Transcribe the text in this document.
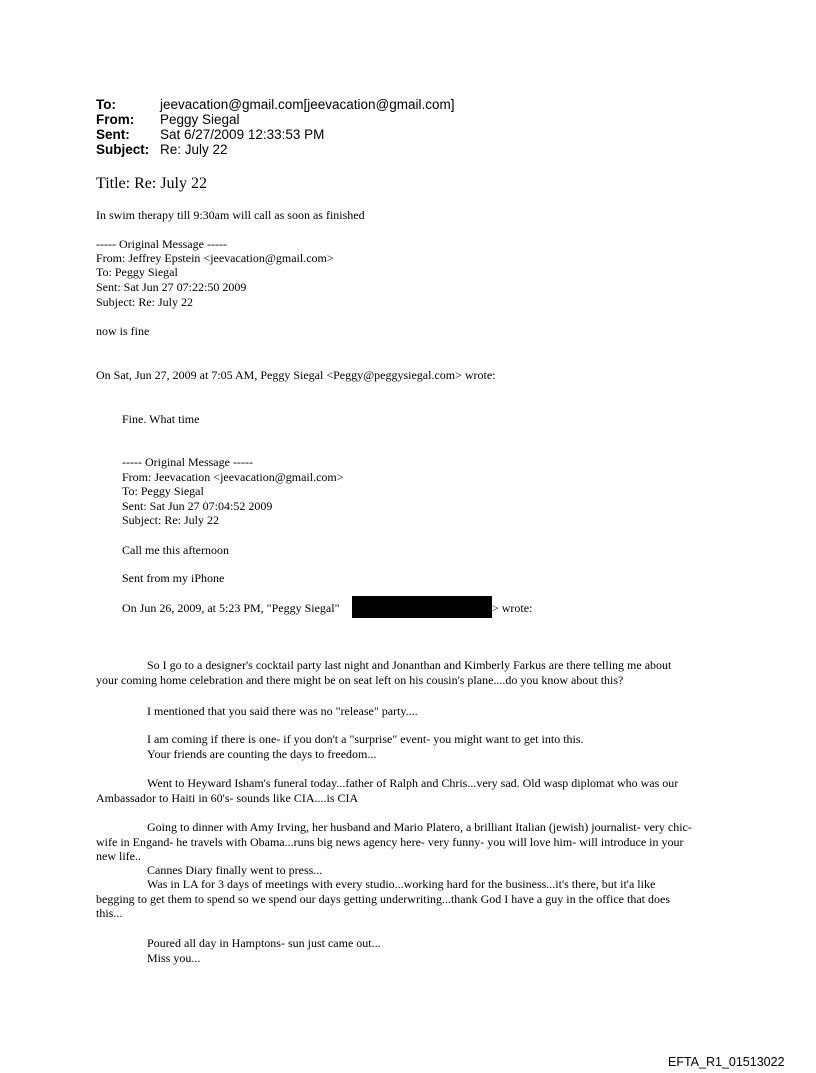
To:	jeevacation@gmail.com[jeevacation@gmail.com]
From: Peggy Siegal
Sent: Sat 6/27/2009 12:33:53 PM
Subject: Re: July 22
Title: Re: July 22
In swim therapy till 9:30am will call as soon as finished
----- Original Message -----
From: Jeffrey Epstein <jeevacation@gmail.com>
To: Peggy Siegal
Sent: Sat Jun 27 07:22:50 2009
Subject: Re: July 22
now is fine
On Sat, Jun 27, 2009 at 7:05 AM, Peggy Siegal <Peggy@peggysiegal.com> wrote:
Fine. What time
----- Original Message -----
From: Jeevacation <jeevacation@gmail.com>
To: Peggy Siegal
Sent: Sat Jun 27 07:04:52 2009
Subject: Re: July 22
Call me this afternoon
Sent from my iPhone
On Jun 26, 2009, at 5:23 PM, "Peggy Siegal"	> wrote:
So I go to a designer's cocktail party last night and Jonanthan and Kimberly Farkus are there telling me about
your coming home celebration and there might be on seat left on his cousin's plane....do you know about this?
I mentioned that you said there was no "release" party....
I am coming if there is one- if you don't a "surprise" event- you might want to get into this.
Your friends are counting the days to freedom...
Went to Heyward Isham's funeral today...father of Ralph and Chris...very sad. Old wasp diplomat who was our
Ambassador to Haiti in 60's- sounds like CIA....is CIA
Going to dinner with Amy Irving, her husband and Mario Platero, a brilliant Italian (jewish) journalist- very chic-
wife in Engand- he travels with Obama...runs big news agency here- very funny- you will love him- will introduce in your
new life..
Cannes Diary finally went to press...
Was in LA for 3 days of meetings with every studio...working hard for the business...it's there, but it'a like
begging to get them to spend so we spend our days getting underwriting...thank God I have a guy in the office that does
this...
Poured all day in Hamptons- sun just came out...
Miss you...
EFTA_R1_01513022
